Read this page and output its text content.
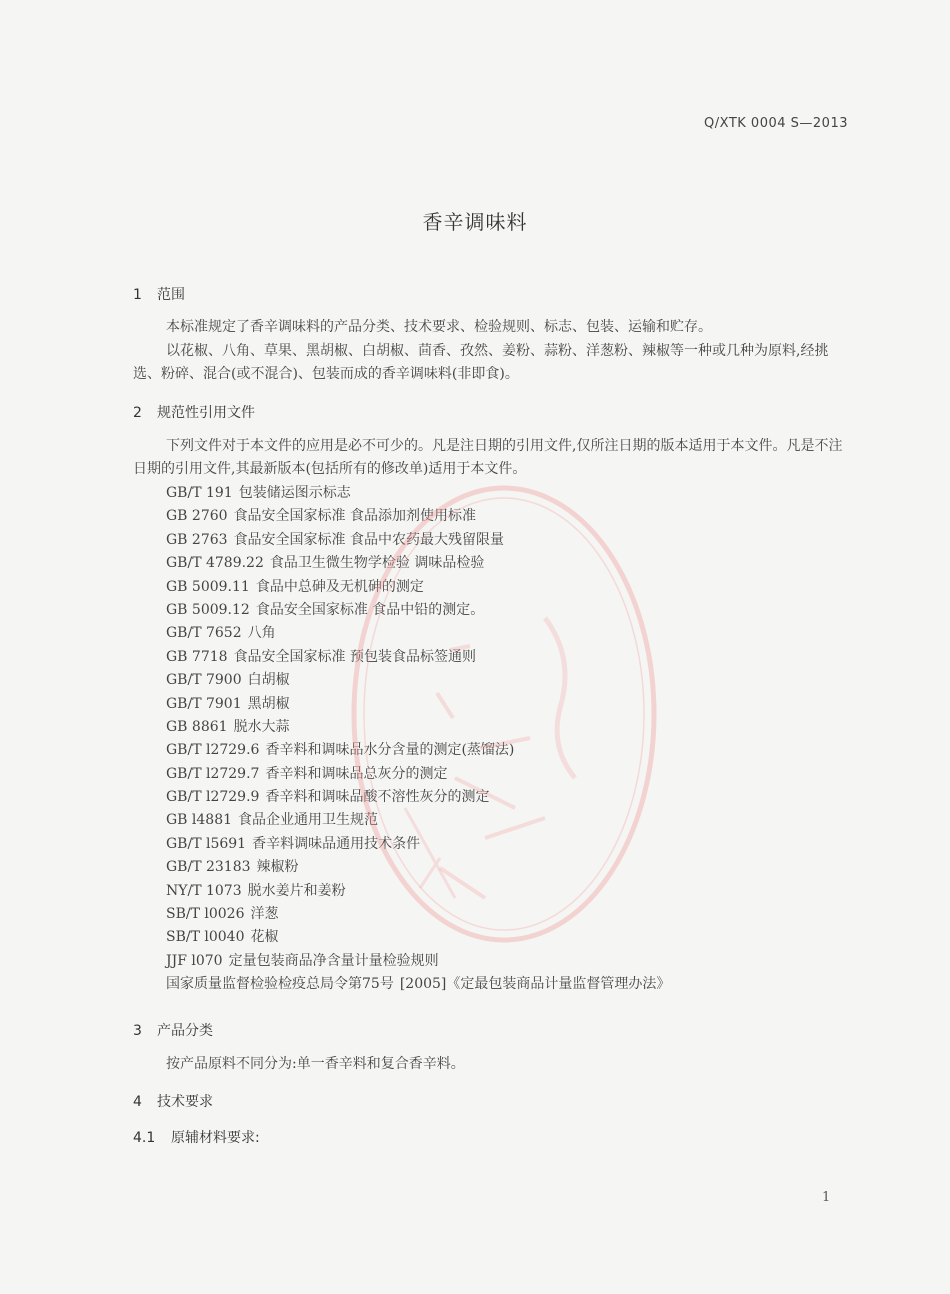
Q/XTK 0004 S—2013
香辛调味料
1 范围
本标准规定了香辛调味料的产品分类、技术要求、检验规则、标志、包装、运输和贮存。
以花椒、八角、草果、黑胡椒、白胡椒、茴香、孜然、姜粉、蒜粉、洋葱粉、辣椒等一种或几种为原料,经挑选、粉碎、混合(或不混合)、包装而成的香辛调味料(非即食)。
2 规范性引用文件
下列文件对于本文件的应用是必不可少的。凡是注日期的引用文件,仅所注日期的版本适用于本文件。凡是不注日期的引用文件,其最新版本(包括所有的修改单)适用于本文件。
GB/T 191 包装储运图示标志
GB 2760 食品安全国家标准 食品添加剂使用标准
GB 2763 食品安全国家标准 食品中农药最大残留限量
GB/T 4789.22 食品卫生微生物学检验 调味品检验
GB 5009.11 食品中总砷及无机砷的测定
GB 5009.12 食品安全国家标准 食品中铅的测定。
GB/T 7652 八角
GB 7718 食品安全国家标准 预包装食品标签通则
GB/T 7900 白胡椒
GB/T 7901 黑胡椒
GB 8861 脱水大蒜
GB/T l2729.6 香辛料和调味品水分含量的测定(蒸馏法)
GB/T l2729.7 香辛料和调味品总灰分的测定
GB/T l2729.9 香辛料和调味品酸不溶性灰分的测定
GB l4881 食品企业通用卫生规范
GB/T l5691 香辛料调味品通用技术条件
GB/T 23183 辣椒粉
NY/T 1073 脱水姜片和姜粉
SB/T l0026 洋葱
SB/T l0040 花椒
JJF l070 定量包装商品净含量计量检验规则
国家质量监督检验检疫总局令第75号 [2005]《定最包装商品计量监督管理办法》
3 产品分类
按产品原料不同分为:单一香辛料和复合香辛料。
4 技术要求
4.1 原辅材料要求:
1
